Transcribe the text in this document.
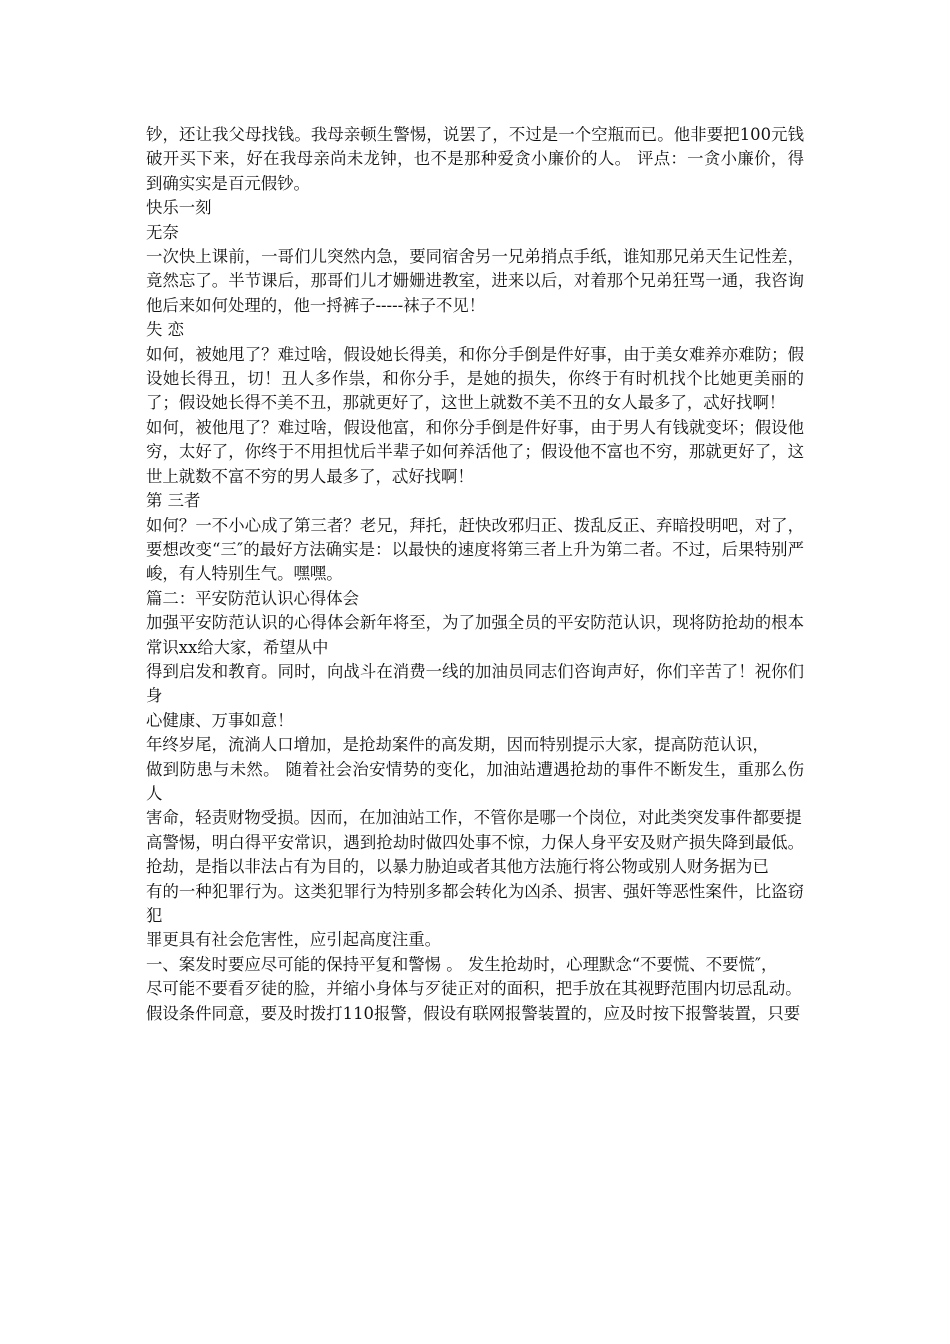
钞，还让我父母找钱。我母亲顿生警惕，说罢了，不过是一个空瓶而已。他非要把100元钱破开买下来，好在我母亲尚未龙钟，也不是那种爱贪小廉价的人。 评点：一贪小廉价，得到确实实是百元假钞。

快乐一刻

无奈

一次快上课前，一哥们儿突然内急，要同宿舍另一兄弟捎点手纸，谁知那兄弟天生记性差，竟然忘了。半节课后，那哥们儿才姗姗进教室，进来以后，对着那个兄弟狂骂一通，我咨询他后来如何处理的，他一捋裤子-----袜子不见！

失 恋

如何，被她甩了？难过啥，假设她长得美，和你分手倒是件好事，由于美女难养亦难防；假设她长得丑，切！丑人多作祟，和你分手，是她的损失，你终于有时机找个比她更美丽的了；假设她长得不美不丑，那就更好了，这世上就数不美不丑的女人最多了，忒好找啊！

如何，被他甩了？难过啥，假设他富，和你分手倒是件好事，由于男人有钱就变坏；假设他穷，太好了，你终于不用担忧后半辈子如何养活他了；假设他不富也不穷，那就更好了，这世上就数不富不穷的男人最多了，忒好找啊！

第 三者

如何？一不小心成了第三者？老兄，拜托，赶快改邪归正、拨乱反正、弃暗投明吧，对了，要想改变“三″的最好方法确实是：以最快的速度将第三者上升为第二者。不过，后果特别严峻，有人特别生气。嘿嘿。

篇二：平安防范认识心得体会

加强平安防范认识的心得体会新年将至，为了加强全员的平安防范认识，现将防抢劫的根本常识xx给大家，希望从中

得到启发和教育。同时，向战斗在消费一线的加油员同志们咨询声好，你们辛苦了！祝你们身

心健康、万事如意！

年终岁尾，流淌人口增加，是抢劫案件的高发期，因而特别提示大家，提高防范认识，

做到防患与未然。 随着社会治安情势的变化，加油站遭遇抢劫的事件不断发生，重那么伤人

害命，轻责财物受损。因而，在加油站工作，不管你是哪一个岗位，对此类突发事件都要提

高警惕，明白得平安常识，遇到抢劫时做四处事不惊，力保人身平安及财产损失降到最低。 抢劫，是指以非法占有为目的，以暴力胁迫或者其他方法施行将公物或别人财务据为已

有的一种犯罪行为。这类犯罪行为特别多都会转化为凶杀、损害、强奸等恶性案件，比盗窃犯

罪更具有社会危害性，应引起高度注重。

一、案发时要应尽可能的保持平复和警惕 。 发生抢劫时，心理默念“不要慌、不要慌″，

尽可能不要看歹徒的脸，并缩小身体与歹徒正对的面积，把手放在其视野范围内切忌乱动。

假设条件同意，要及时拨打110报警，假设有联网报警装置的，应及时按下报警装置，只要
